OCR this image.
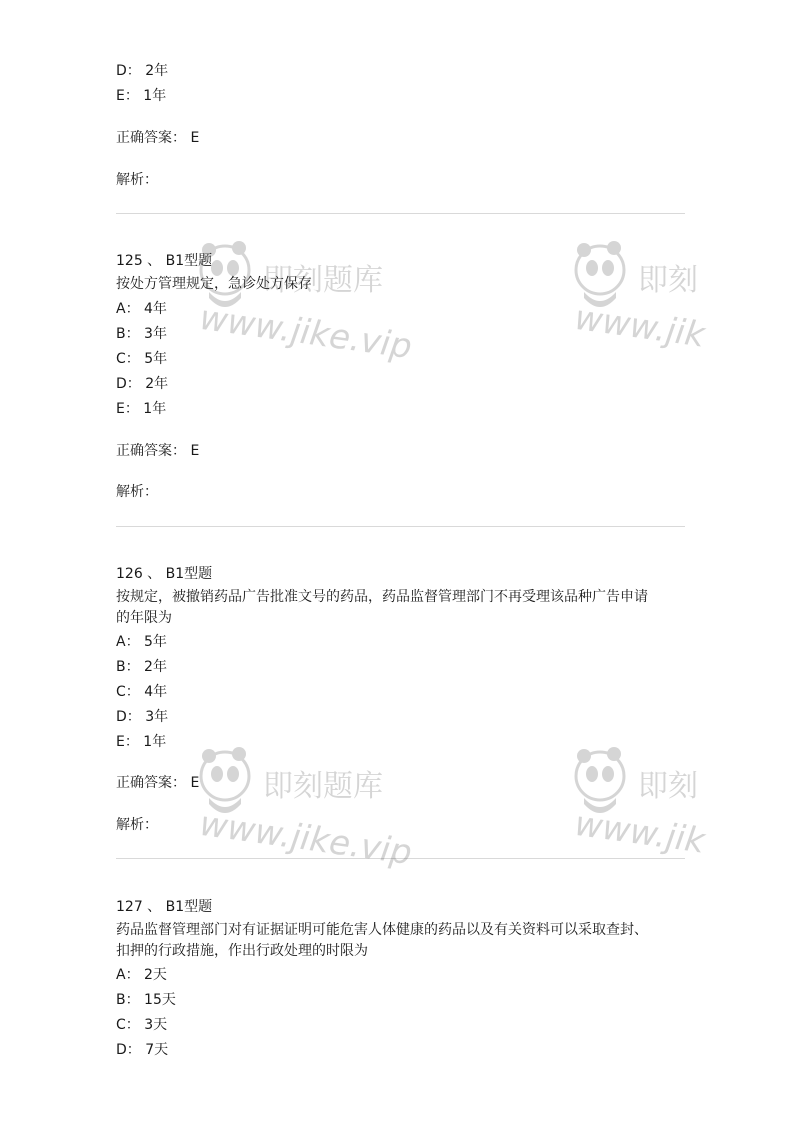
D： 2年
E： 1年
正确答案： E
解析：
125 、 B1型题
按处方管理规定，急诊处方保存
A： 4年
B： 3年
C： 5年
D： 2年
E： 1年
正确答案： E
解析：
126 、 B1型题
按规定，被撤销药品广告批准文号的药品，药品监督管理部门不再受理该品种广告申请
的年限为
A： 5年
B： 2年
C： 4年
D： 3年
E： 1年
正确答案： E
解析：
127 、 B1型题
药品监督管理部门对有证据证明可能危害人体健康的药品以及有关资料可以采取查封、
扣押的行政措施，作出行政处理的时限为
A： 2天
B： 15天
C： 3天
D： 7天
即刻题库
www.jike.vip
即刻题库
www.jike.vip
即刻
www.jik
即刻
www.jik
